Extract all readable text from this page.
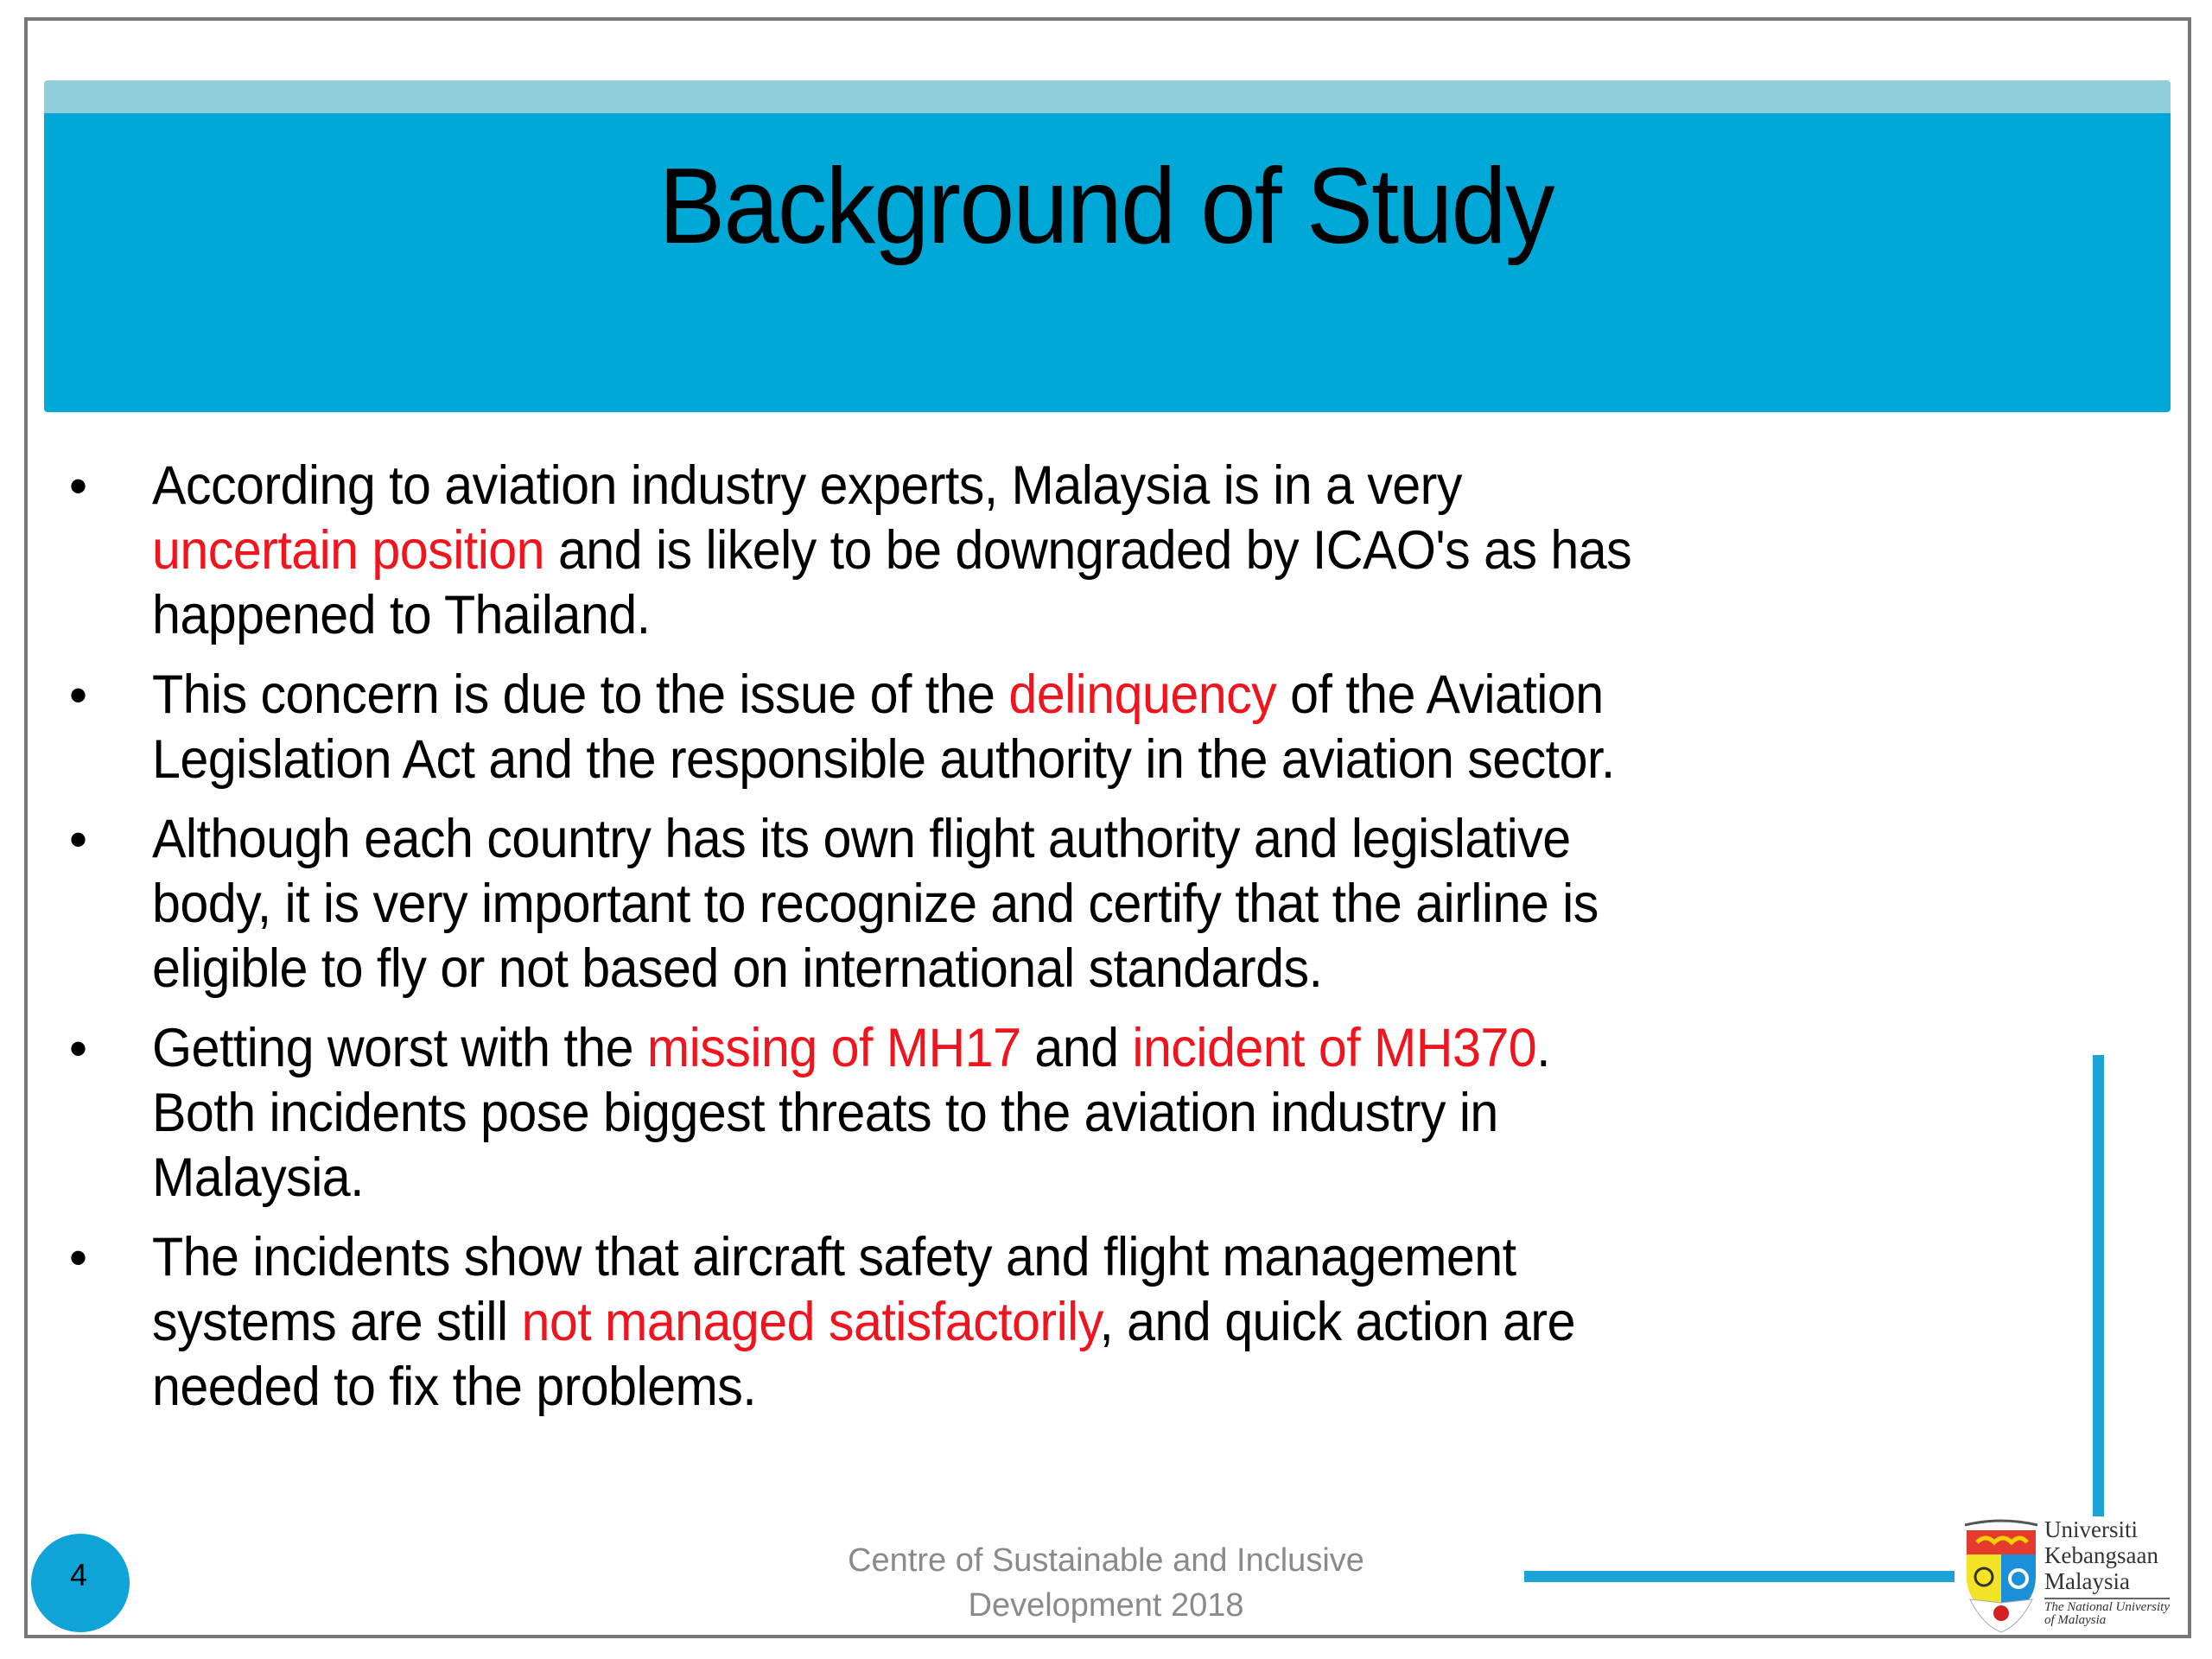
Background of Study
• According to aviation industry experts, Malaysia is in a very
uncertain position and is likely to be downgraded by ICAO's as has
happened to Thailand.
• This concern is due to the issue of the delinquency of the Aviation
Legislation Act and the responsible authority in the aviation sector.
• Although each country has its own flight authority and legislative
body, it is very important to recognize and certify that the airline is
eligible to fly or not based on international standards.
• Getting worst with the missing of MH17 and incident of MH370.
Both incidents pose biggest threats to the aviation industry in
Malaysia.
• The incidents show that aircraft safety and flight management
systems are still not managed satisfactorily, and quick action are
needed to fix the problems.
4	Centre of Sustainable and Inclusive
Development 2018
Universiti
Kebangsaan
Malaysia
The National University
of Malaysia
